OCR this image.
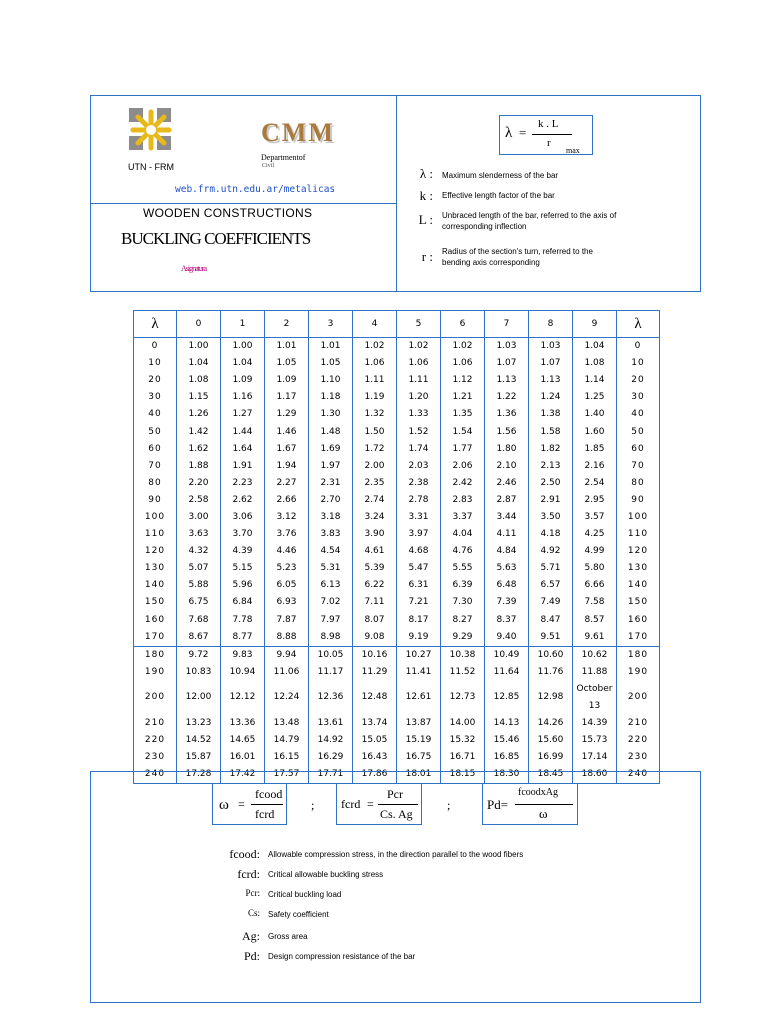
UTN - FRM
CMM
Departmentof
Civil
web.frm.utn.edu.ar/metalicas
WOODEN CONSTRUCTIONS
BUCKLING COEFFICIENTS
Asignatura
λ =
k . L
r
max
λ : Maximum slenderness of the bar
k : Effective length factor of the bar
L : Unbraced length of the bar, referred to the axis of corresponding inflection
r : Radius of the section's turn, referred to the bending axis corresponding
λ	0	1	2	3	4	5	6	7	8	9	λ
0	1.00	1.00	1.01	1.01	1.02	1.02	1.02	1.03	1.03	1.04	0
10	1.04	1.04	1.05	1.05	1.06	1.06	1.06	1.07	1.07	1.08	10
20	1.08	1.09	1.09	1.10	1.11	1.11	1.12	1.13	1.13	1.14	20
30	1.15	1.16	1.17	1.18	1.19	1.20	1.21	1.22	1.24	1.25	30
40	1.26	1.27	1.29	1.30	1.32	1.33	1.35	1.36	1.38	1.40	40
50	1.42	1.44	1.46	1.48	1.50	1.52	1.54	1.56	1.58	1.60	50
60	1.62	1.64	1.67	1.69	1.72	1.74	1.77	1.80	1.82	1.85	60
70	1.88	1.91	1.94	1.97	2.00	2.03	2.06	2.10	2.13	2.16	70
80	2.20	2.23	2.27	2.31	2.35	2.38	2.42	2.46	2.50	2.54	80
90	2.58	2.62	2.66	2.70	2.74	2.78	2.83	2.87	2.91	2.95	90
100	3.00	3.06	3.12	3.18	3.24	3.31	3.37	3.44	3.50	3.57	100
110	3.63	3.70	3.76	3.83	3.90	3.97	4.04	4.11	4.18	4.25	110
120	4.32	4.39	4.46	4.54	4.61	4.68	4.76	4.84	4.92	4.99	120
130	5.07	5.15	5.23	5.31	5.39	5.47	5.55	5.63	5.71	5.80	130
140	5.88	5.96	6.05	6.13	6.22	6.31	6.39	6.48	6.57	6.66	140
150	6.75	6.84	6.93	7.02	7.11	7.21	7.30	7.39	7.49	7.58	150
160	7.68	7.78	7.87	7.97	8.07	8.17	8.27	8.37	8.47	8.57	160
170	8.67	8.77	8.88	8.98	9.08	9.19	9.29	9.40	9.51	9.61	170
180	9.72	9.83	9.94	10.05	10.16	10.27	10.38	10.49	10.60	10.62	180
190	10.83	10.94	11.06	11.17	11.29	11.41	11.52	11.64	11.76	11.88	190
200	12.00	12.12	12.24	12.36	12.48	12.61	12.73	12.85	12.98	October 13	200
210	13.23	13.36	13.48	13.61	13.74	13.87	14.00	14.13	14.26	14.39	210
220	14.52	14.65	14.79	14.92	15.05	15.19	15.32	15.46	15.60	15.73	220
230	15.87	16.01	16.15	16.29	16.43	16.75	16.71	16.85	16.99	17.14	230
240	17.28	17.42	17.57	17.71	17.86	18.01	18.15	18.30	18.45	18.60	240
ω =
fcood
fcrd
; fcrd =
Pcr
Cs. Ag
;	Pd=
fcoodxAg
ω
fcood: Allowable compression stress, in the direction parallel to the wood fibers
fcrd: Critical allowable buckling stress
Pcr: Critical buckling load
Cs: Safety coefficient
Ag: Gross area
Pd: Design compression resistance of the bar
